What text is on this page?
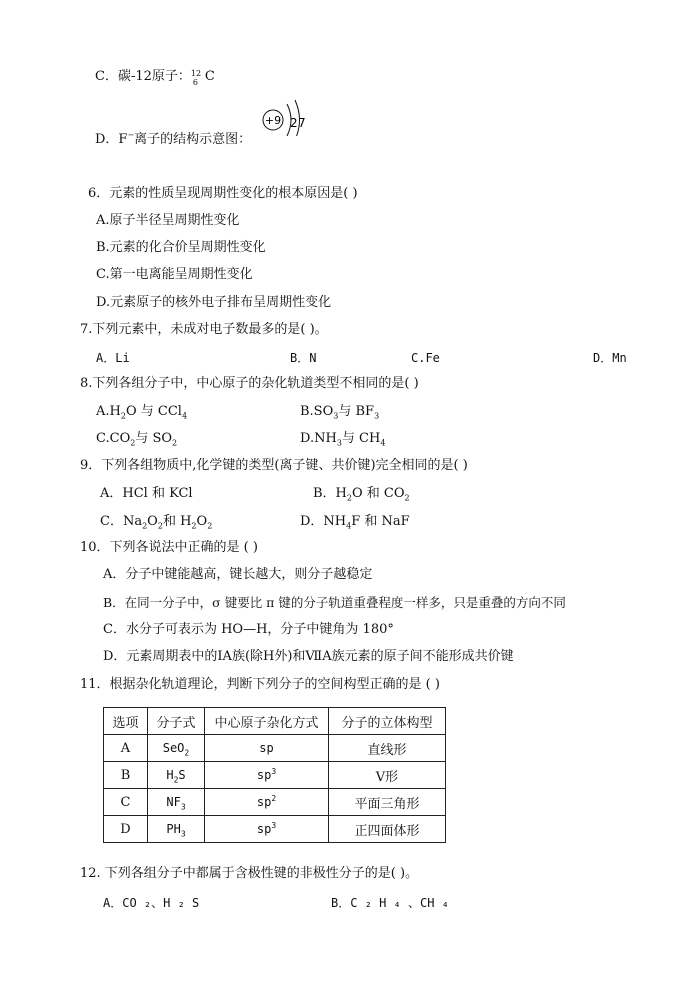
C．碳-12原子： 12
6 C
D．F−离子的结构示意图：
+9 2 7
6．元素的性质呈现周期性变化的根本原因是( )
A.原子半径呈周期性变化
B.元素的化合价呈周期性变化
C.第一电离能呈周期性变化
D.元素原子的核外电子排布呈周期性变化
7.下列元素中，未成对电子数最多的是( )。
A．Li	B．N	C.Fe	D．Mn
8.下列各组分子中，中心原子的杂化轨道类型不相同的是( )
$A.H_2O$ 与 CCl$_4$	$B.SO_3$与 $BF_3$
$C.CO_2$与 $SO_2$	$D.NH_3$与 $CH_4$
9．下列各组物质中,化学键的类型(离子键、共价键)完全相同的是( )
A．HCl 和 KCl	B．$H_2O$ 和 $CO_2$
C．$Na_2O_2$和 $H_2O_2$	D．$NH_4F$ 和 NaF
10．下列各说法中正确的是 ( )
A．分子中键能越高，键长越大，则分子越稳定
B．在同一分子中，σ 键要比 π 键的分子轨道重叠程度一样多，只是重叠的方向不同
C．水分子可表示为 HO—H，分子中键角为 180°
D．元素周期表中的ⅠA族(除H外)和ⅦA族元素的原子间不能形成共价键
11．根据杂化轨道理论，判断下列分子的空间构型正确的是 ( )
选项	分子式	中心原子杂化方式	分子的立体构型
A	SeO$_2$	sp	直线形
B	$H_2S$	$sp^3$	V形
C	$NF_3$	$sp^2$	平面三角形
D	$PH_3$	$sp^3$	正四面体形
12. 下列各组分子中都属于含极性键的非极性分子的是( )。
A．CO ₂、H ₂ S	B．C ₂ H ₄ 、CH ₄
